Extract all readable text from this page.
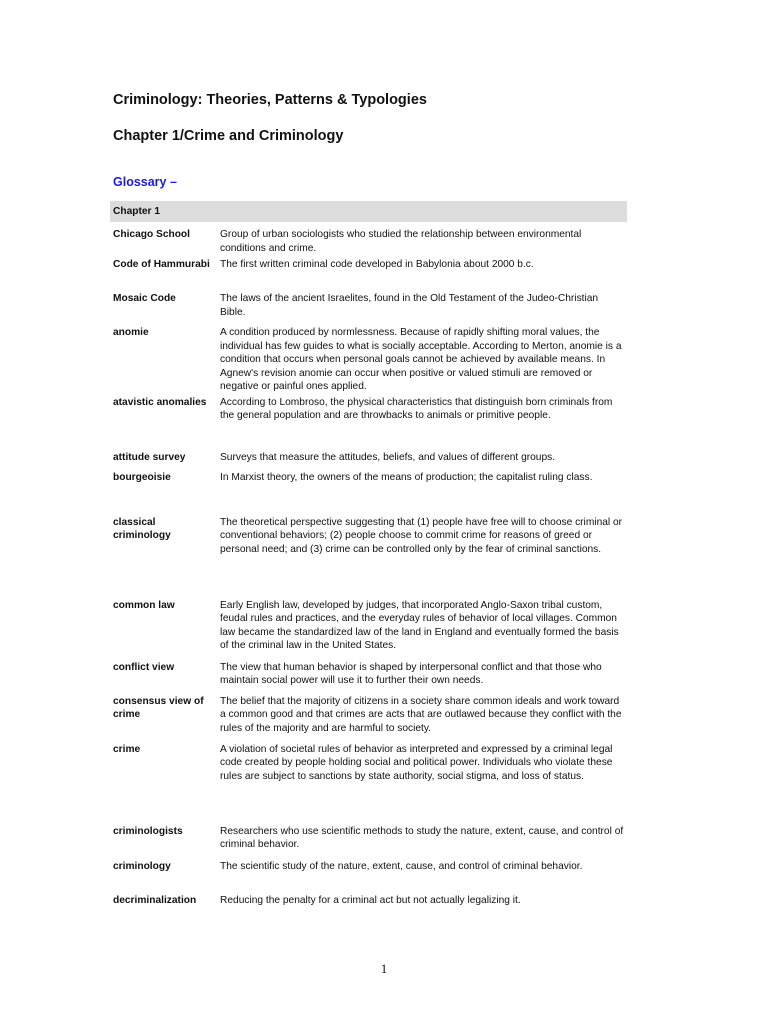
Criminology: Theories, Patterns & Typologies
Chapter 1/Crime and Criminology
Glossary –
Chapter 1	
Chicago School	Group of urban sociologists who studied the relationship between environmental conditions and crime.
Code of Hammurabi	The first written criminal code developed in Babylonia about 2000 b.c.
Mosaic Code	The laws of the ancient Israelites, found in the Old Testament of the Judeo-Christian Bible.
anomie	A condition produced by normlessness. Because of rapidly shifting moral values, the individual has few guides to what is socially acceptable. According to Merton, anomie is a condition that occurs when personal goals cannot be achieved by available means. In Agnew's revision anomie can occur when positive or valued stimuli are removed or negative or painful ones applied.
atavistic anomalies	According to Lombroso, the physical characteristics that distinguish born criminals from the general population and are throwbacks to animals or primitive people.
attitude survey	Surveys that measure the attitudes, beliefs, and values of different groups.
bourgeoisie	In Marxist theory, the owners of the means of production; the capitalist ruling class.
classical criminology	The theoretical perspective suggesting that (1) people have free will to choose criminal or conventional behaviors; (2) people choose to commit crime for reasons of greed or personal need; and (3) crime can be controlled only by the fear of criminal sanctions.
common law	Early English law, developed by judges, that incorporated Anglo-Saxon tribal custom, feudal rules and practices, and the everyday rules of behavior of local villages. Common law became the standardized law of the land in England and eventually formed the basis of the criminal law in the United States.
conflict view	The view that human behavior is shaped by interpersonal conflict and that those who maintain social power will use it to further their own needs.
consensus view of crime	The belief that the majority of citizens in a society share common ideals and work toward a common good and that crimes are acts that are outlawed because they conflict with the rules of the majority and are harmful to society.
crime	A violation of societal rules of behavior as interpreted and expressed by a criminal legal code created by people holding social and political power. Individuals who violate these rules are subject to sanctions by state authority, social stigma, and loss of status.
criminologists	Researchers who use scientific methods to study the nature, extent, cause, and control of criminal behavior.
criminology	The scientific study of the nature, extent, cause, and control of criminal behavior.
decriminalization	Reducing the penalty for a criminal act but not actually legalizing it.
1
